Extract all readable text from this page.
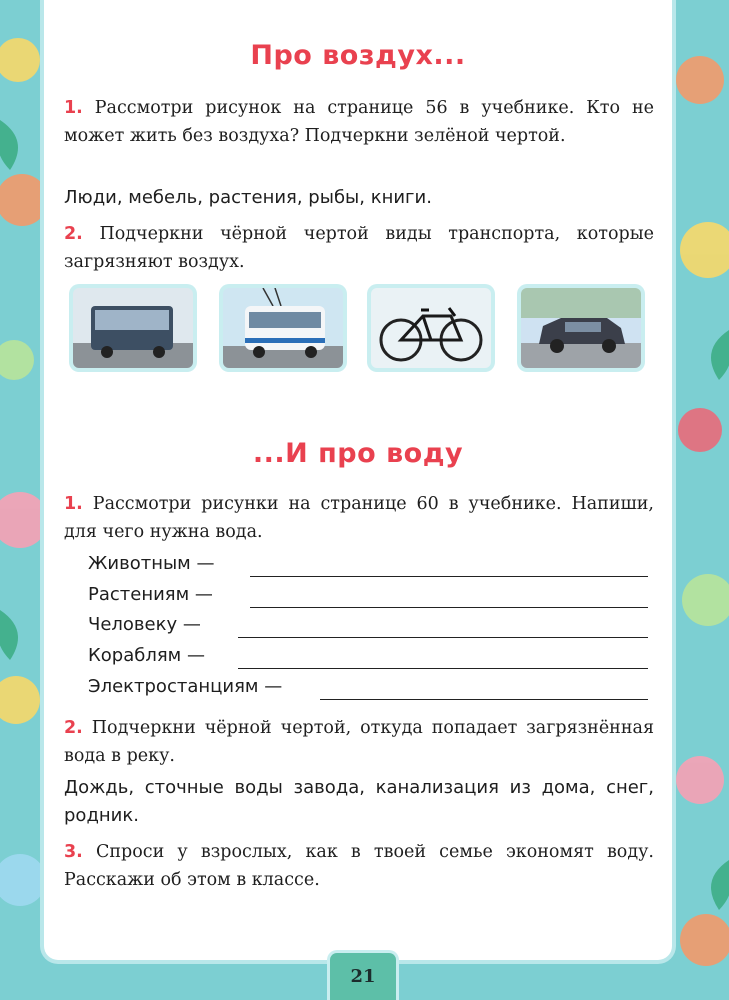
Про воздух...
1. Рассмотри рисунок на странице 56 в учебнике. Кто не может жить без воздуха? Подчеркни зелёной чертой.
Люди, мебель, растения, рыбы, книги.
2. Подчеркни чёрной чертой виды транспорта, которые загрязняют воздух.
...И про воду
1. Рассмотри рисунки на странице 60 в учебнике. Напиши, для чего нужна вода.
Животным —
Растениям —
Человеку —
Кораблям —
Электростанциям —
2. Подчеркни чёрной чертой, откуда попадает загрязнённая вода в реку.
Дождь, сточные воды завода, канализация из дома, снег, родник.
3. Спроси у взрослых, как в твоей семье экономят воду. Расскажи об этом в классе.
21
